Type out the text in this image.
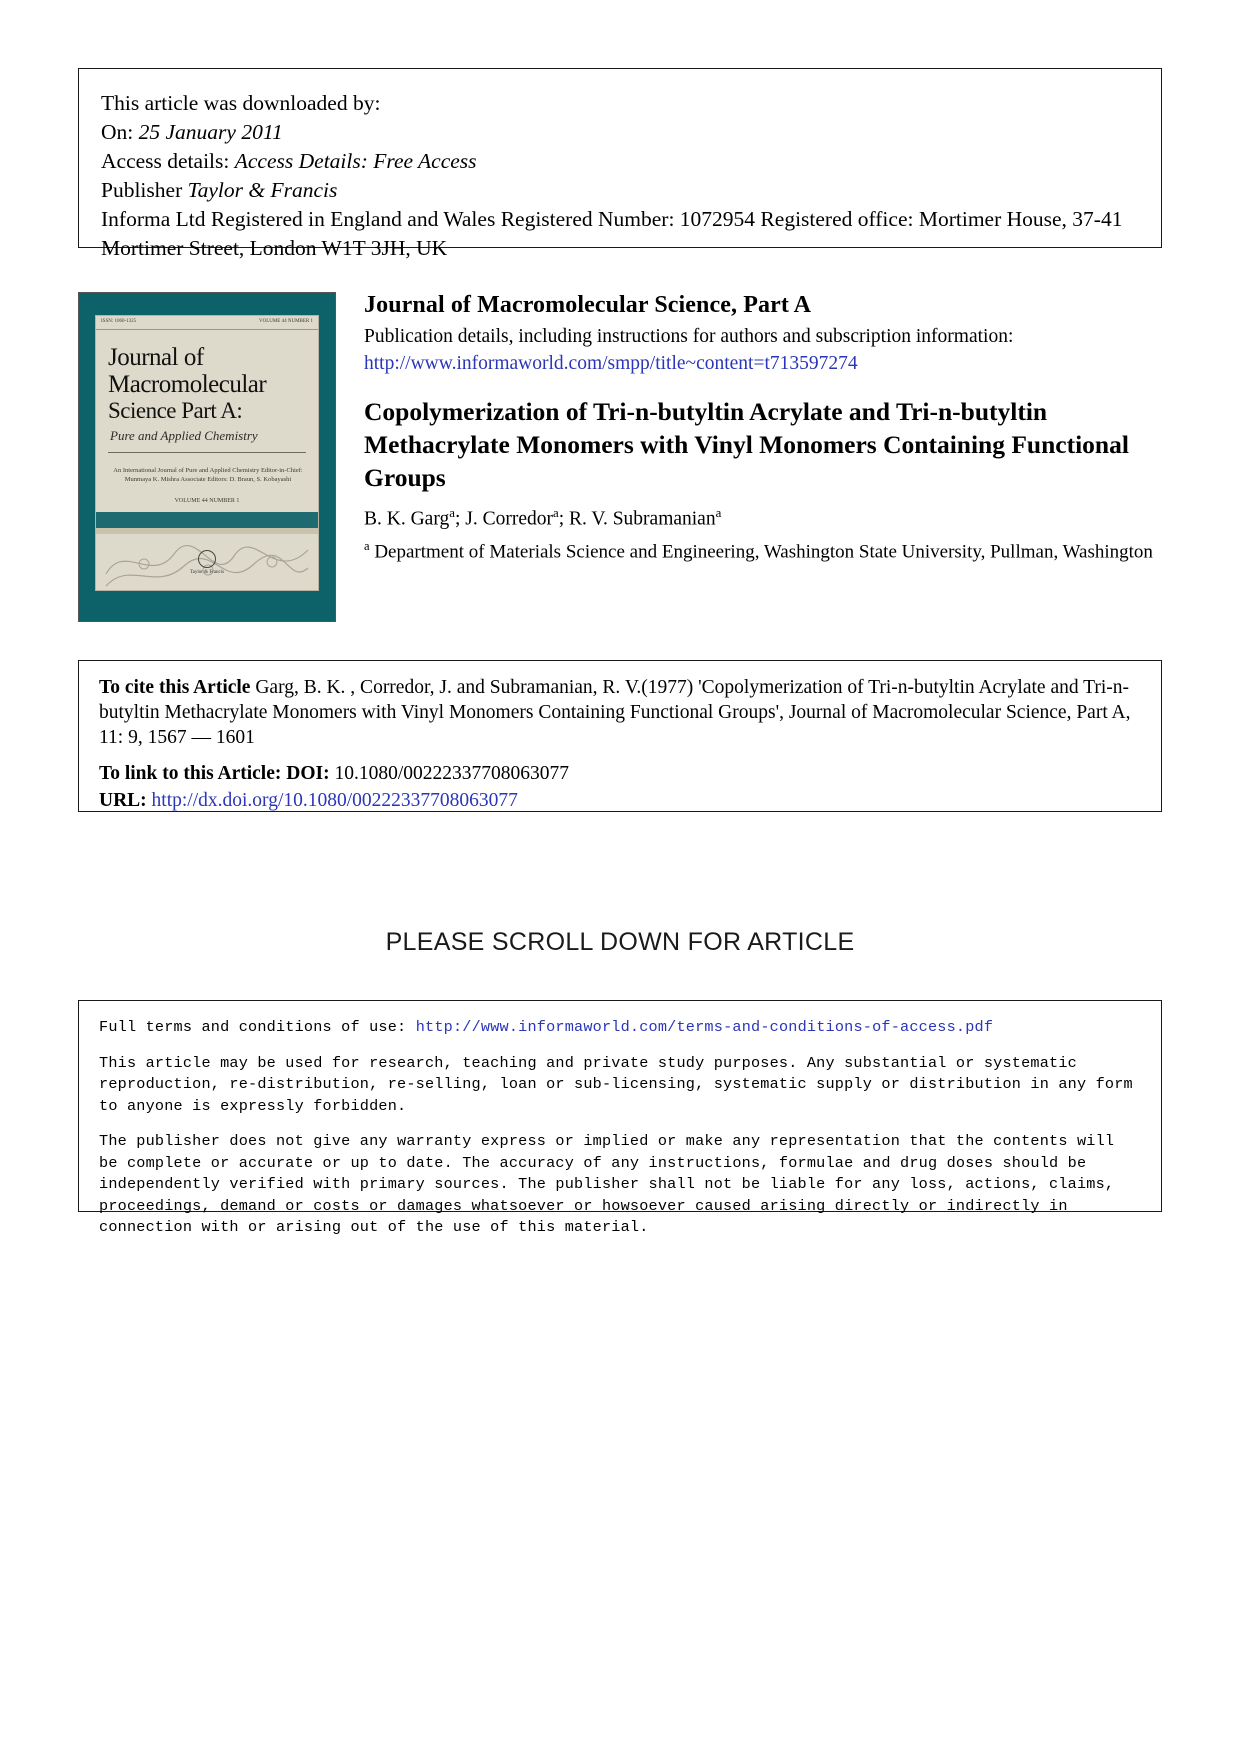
This article was downloaded by:
On: 25 January 2011
Access details: Access Details: Free Access
Publisher Taylor & Francis
Informa Ltd Registered in England and Wales Registered Number: 1072954 Registered office: Mortimer House, 37-41 Mortimer Street, London W1T 3JH, UK
ISSN: 1060-1325	VOLUME 44 NUMBER 1
Journal of
Macromolecular
Science Part A:
Pure and Applied Chemistry
An International Journal of Pure and Applied Chemistry Editor-in-Chief: Munmaya K. Mishra Associate Editors: D. Braun, S. Kobayashi
VOLUME 44 NUMBER 1
Taylor & Francis
Journal of Macromolecular Science, Part A
Publication details, including instructions for authors and subscription information:
http://www.informaworld.com/smpp/title~content=t713597274
Copolymerization of Tri-n-butyltin Acrylate and Tri-n-butyltin Methacrylate Monomers with Vinyl Monomers Containing Functional Groups
B. K. Garg$^a$; J. Corredor$^a$; R. V. Subramanian$^a$
$^a$ Department of Materials Science and Engineering, Washington State University, Pullman, Washington
To cite this Article Garg, B. K. , Corredor, J. and Subramanian, R. V.(1977) 'Copolymerization of Tri-n-butyltin Acrylate and Tri-n-butyltin Methacrylate Monomers with Vinyl Monomers Containing Functional Groups', Journal of Macromolecular Science, Part A, 11: 9, 1567 — 1601
To link to this Article: DOI: 10.1080/00222337708063077
URL: http://dx.doi.org/10.1080/00222337708063077
PLEASE SCROLL DOWN FOR ARTICLE

Full terms and conditions of use: http://www.informaworld.com/terms-and-conditions-of-access.pdf

This article may be used for research, teaching and private study purposes. Any substantial or systematic reproduction, re-distribution, re-selling, loan or sub-licensing, systematic supply or distribution in any form to anyone is expressly forbidden.

The publisher does not give any warranty express or implied or make any representation that the contents will be complete or accurate or up to date. The accuracy of any instructions, formulae and drug doses should be independently verified with primary sources. The publisher shall not be liable for any loss, actions, claims, proceedings, demand or costs or damages whatsoever or howsoever caused arising directly or indirectly in connection with or arising out of the use of this material.
